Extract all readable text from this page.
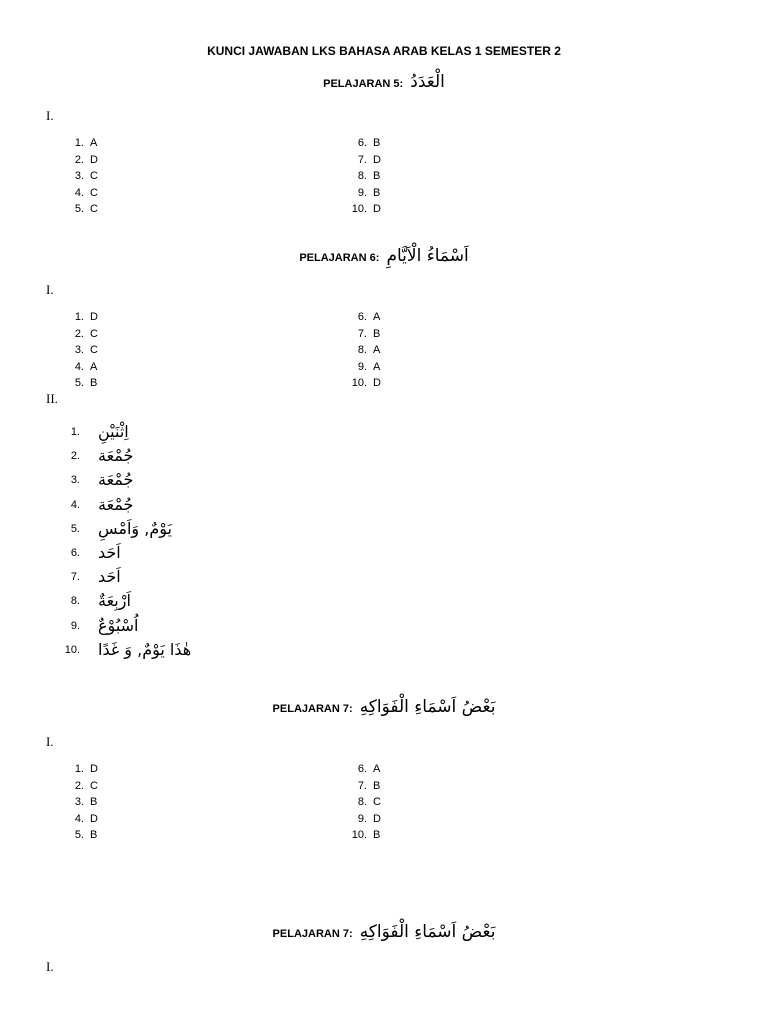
KUNCI JAWABAN LKS BAHASA ARAB KELAS 1 SEMESTER 2
PELAJARAN 5: الْعَدَدُ
I.
1. A
2. D
3. C
4. C
5. C
6. B
7. D
8. B
9. B
10. D
PELAJARAN 6: اَسْمَاءُ الْاَيَّامِ
I.
1. D
2. C
3. C
4. A
5. B
6. A
7. B
8. A
9. A
10. D
II.
1. اِثْنَيْنِ
2. جُمْعَة
3. جُمْعَة
4. جُمْعَة
5. يَوْمٌ, وَاَمْسِ
6. اَحَد
7. اَحَد
8. اَرْبِعَةٌ
9. اُسْبُوْعٌ
10. هٰذَا يَوْمٌ, وَ غَدًا
PELAJARAN 7: بَعْضُ اَسْمَاءِ الْفَوَاكِهِ
I.
1. D
2. C
3. B
4. D
5. B
6. A
7. B
8. C
9. D
10. B
PELAJARAN 7: بَعْضُ اَسْمَاءِ الْفَوَاكِهِ
I.
